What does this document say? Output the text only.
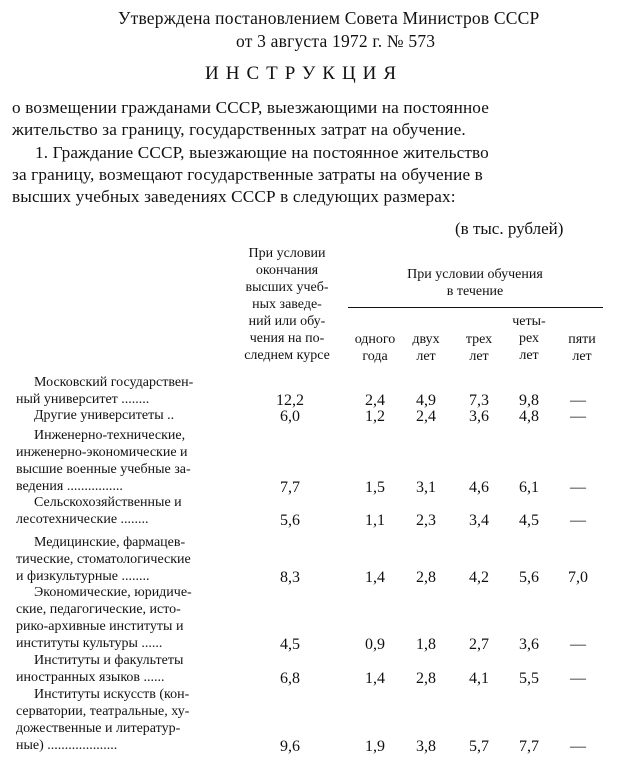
Утверждена постановлением Совета Министров СССР
от 3 августа 1972 г. № 573
ИНСТРУКЦИЯ
о возмещении гражданами СССР, выезжающими на постоянное
жительство за границу, государственных затрат на обучение.
1. Граждание СССР, выезжающие на постоянное жительство
за границу, возмещают государственные затраты на обучение в
высших учебных заведениях СССР в следующих размерах:
(в тыс. рублей)
При условии
окончания
высших учеб-
ных заведе-
ний или обу-
чения на по-
следнем курсе
При условии обучения
в течение
одного
года
двух
лет
трех
лет
четы-
рех
лет
пяти
лет
Московский государствен-
ный университет ........	12,2	2,4	4,9	7,3	9,8	—
Другие университеты ..	6,0	1,2	2,4	3,6	4,8	—
Инженерно-технические,
инженерно-экономические и
высшие военные учебные за-
ведения ................	7,7	1,5	3,1	4,6	6,1	—
Сельскохозяйственные и
лесотехнические ........	5,6	1,1	2,3	3,4	4,5	—
Медицинские, фармацев-
тические, стоматологические
и физкультурные ........	8,3	1,4	2,8	4,2	5,6	7,0
Экономические, юридиче-
ские, педагогические, исто-
рико-архивные институты и
институты культуры ......	4,5	0,9	1,8	2,7	3,6	—
Институты и факультеты
иностранных языков ......	6,8	1,4	2,8	4,1	5,5	—
Институты искусств (кон-
серватории, театральные, ху-
дожественные и литератур-
ные) ....................	9,6	1,9	3,8	5,7	7,7	—
